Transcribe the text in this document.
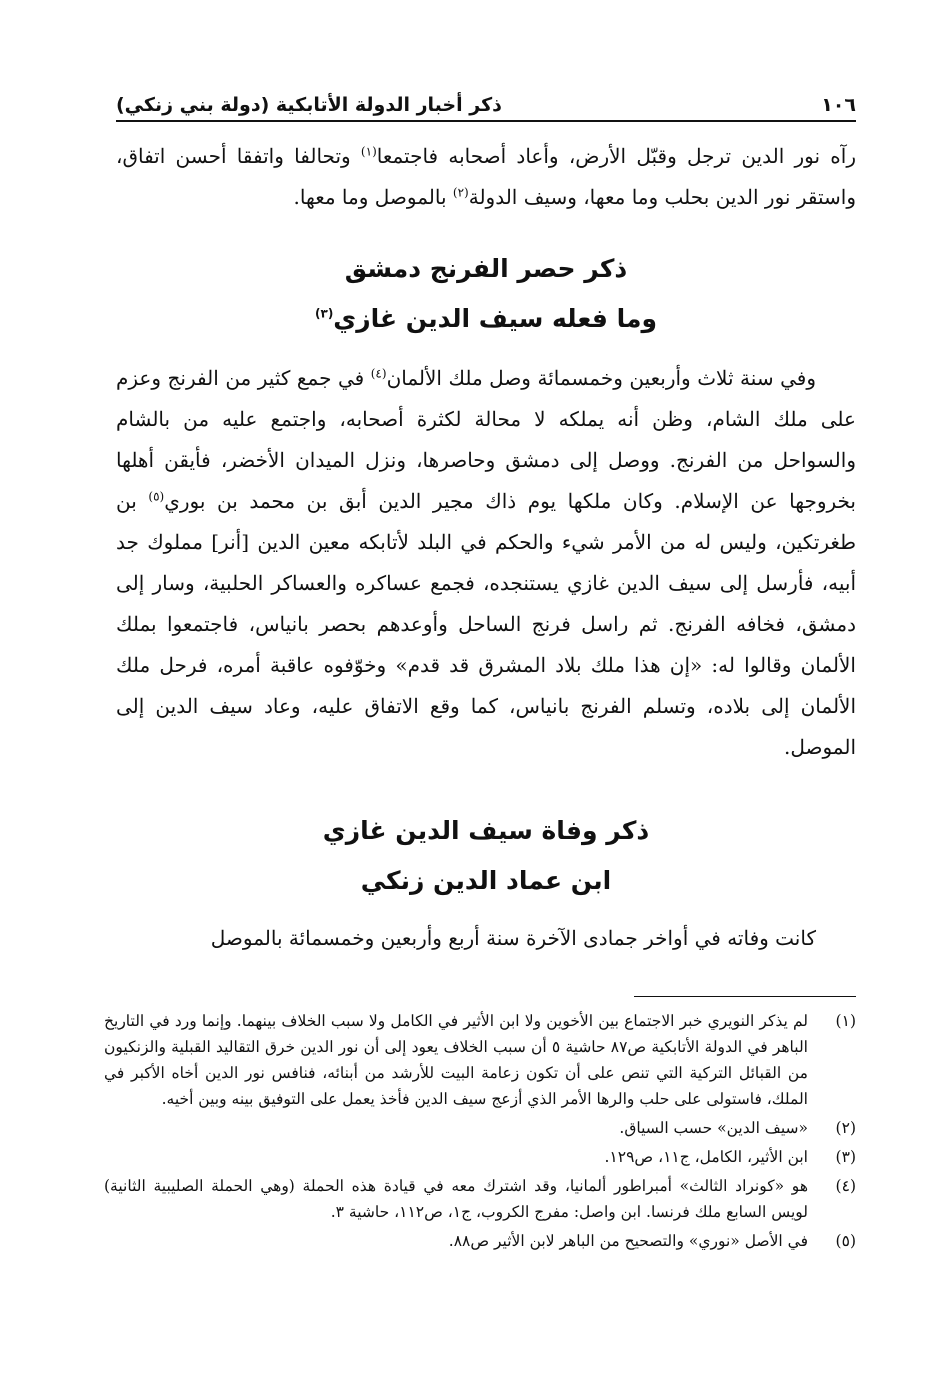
١٠٦
ذكر أخبار الدولة الأتابكية (دولة بني زنكي)
رآه نور الدين ترجل وقبّل الأرض، وأعاد أصحابه فاجتمعا$^{(١)}$ وتحالفا واتفقا أحسن اتفاق، واستقر نور الدين بحلب وما معها، وسيف الدولة$^{(٢)}$ بالموصل وما معها.
ذكر حصر الفرنج دمشق
وما فعله سيف الدين غازي$^{(٣)}$
وفي سنة ثلاث وأربعين وخمسمائة وصل ملك الألمان$^{(٤)}$ في جمع كثير من الفرنج وعزم على ملك الشام، وظن أنه يملكه لا محالة لكثرة أصحابه، واجتمع عليه من بالشام والسواحل من الفرنج. ووصل إلى دمشق وحاصرها، ونزل الميدان الأخضر، فأيقن أهلها بخروجها عن الإسلام. وكان ملكها يوم ذاك مجير الدين أبق بن محمد بن بوري$^{(٥)}$ بن طغرتكين، وليس له من الأمر شيء والحكم في البلد لأتابكه معين الدين [أنر] مملوك جد أبيه، فأرسل إلى سيف الدين غازي يستنجده، فجمع عساكره والعساكر الحلبية، وسار إلى دمشق، فخافه الفرنج. ثم راسل فرنج الساحل وأوعدهم بحصر بانياس، فاجتمعوا بملك الألمان وقالوا له: «إن هذا ملك بلاد المشرق قد قدم» وخوّفوه عاقبة أمره، فرحل ملك الألمان إلى بلاده، وتسلم الفرنج بانياس، كما وقع الاتفاق عليه، وعاد سيف الدين إلى الموصل.
ذكر وفاة سيف الدين غازي
ابن عماد الدين زنكي
كانت وفاته في أواخر جمادى الآخرة سنة أربع وأربعين وخمسمائة بالموصل
(١)
لم يذكر النويري خبر الاجتماع بين الأخوين ولا ابن الأثير في الكامل ولا سبب الخلاف بينهما. وإنما ورد في التاريخ الباهر في الدولة الأتابكية ص٨٧ حاشية ٥ أن سبب الخلاف يعود إلى أن نور الدين خرق التقاليد القبلية والزنكيون من القبائل التركية التي تنص على أن تكون زعامة البيت للأرشد من أبنائه، فنافس نور الدين أخاه الأكبر في الملك، فاستولى على حلب والرها الأمر الذي أزعج سيف الدين فأخذ يعمل على التوفيق بينه وبين أخيه.
(٢)
«سيف الدين» حسب السياق.
(٣)
ابن الأثير، الكامل، ج١١، ص١٢٩.
(٤)
هو «كونراد الثالث» أمبراطور ألمانيا، وقد اشترك معه في قيادة هذه الحملة (وهي الحملة الصليبية الثانية) لويس السابع ملك فرنسا. ابن واصل: مفرج الكروب، ج١، ص١١٢، حاشية ٣.
(٥)
في الأصل «نوري» والتصحيح من الباهر لابن الأثير ص٨٨.
